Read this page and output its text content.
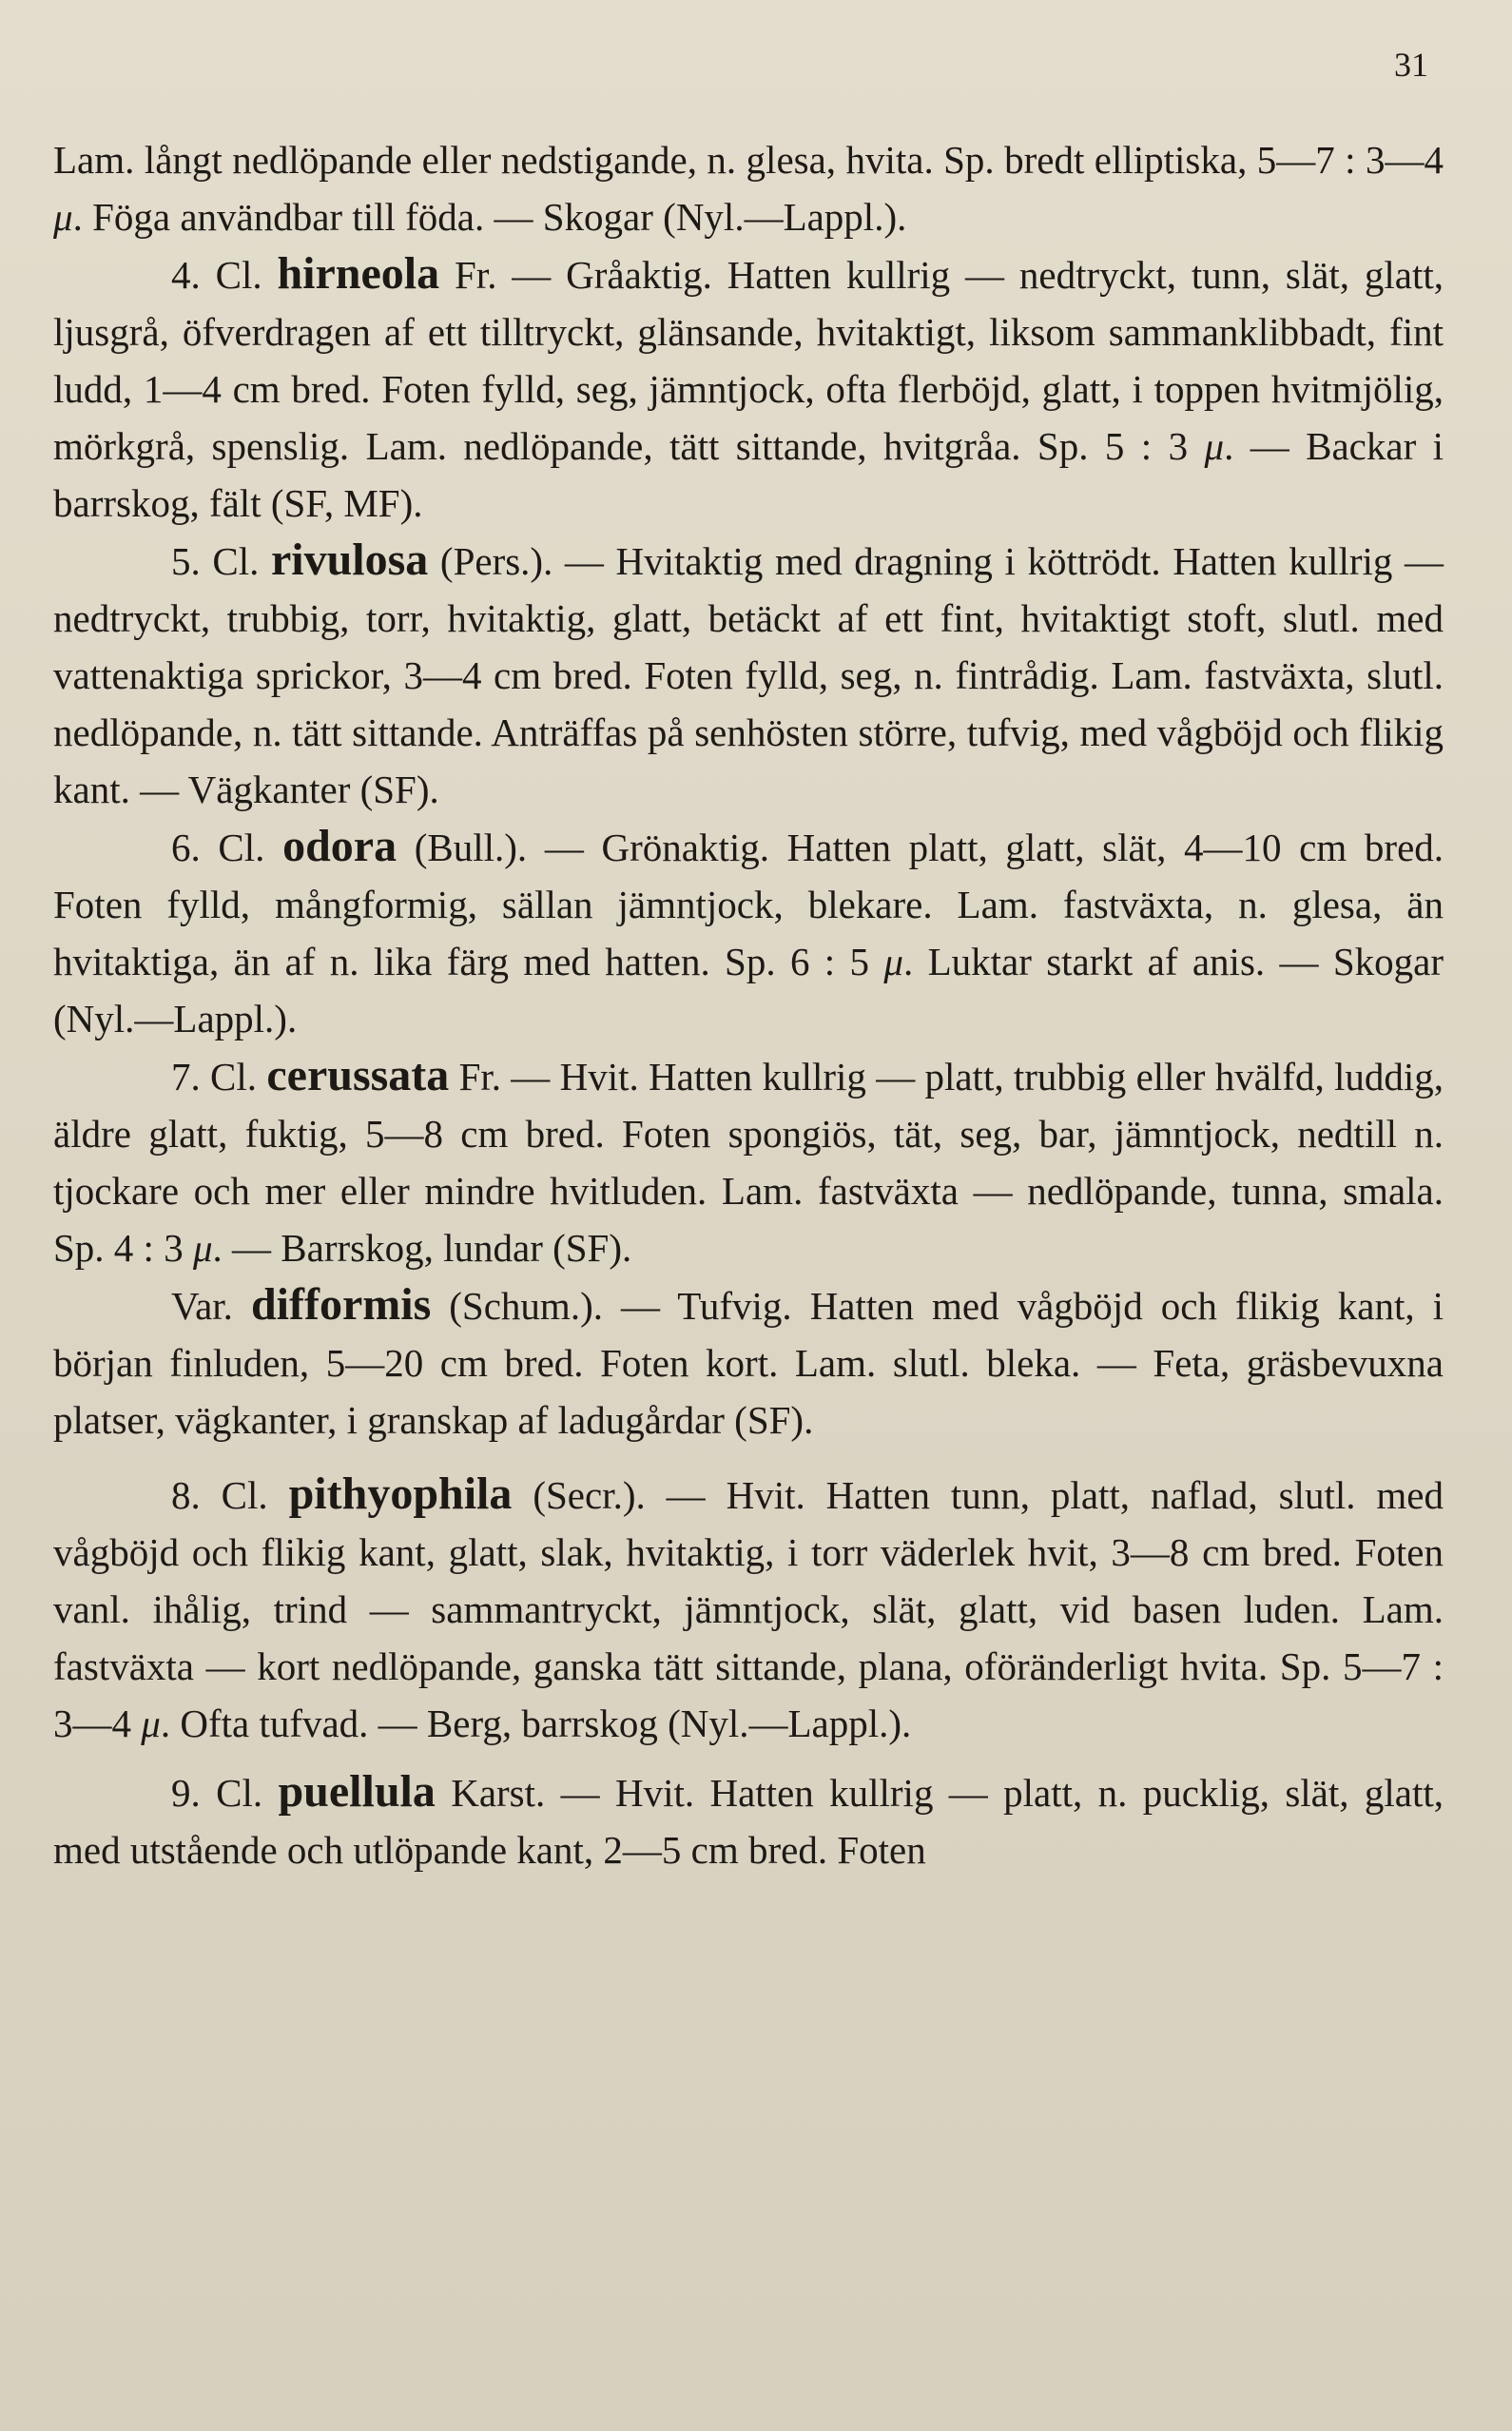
31

Lam. långt nedlöpande eller nedstigande, n. glesa, hvita. Sp. bredt elliptiska, 5—7 : 3—4 μ. Föga användbar till föda. — Skogar (Nyl.—Lappl.).

4. Cl. hirneola Fr. — Gråaktig. Hatten kullrig — nedtryckt, tunn, slät, glatt, ljusgrå, öfverdragen af ett tilltryckt, glänsande, hvitaktigt, liksom sammanklibbadt, fint ludd, 1—4 cm bred. Foten fylld, seg, jämntjock, ofta flerböjd, glatt, i toppen hvitmjölig, mörkgrå, spenslig. Lam. nedlöpande, tätt sittande, hvitgråa. Sp. 5 : 3 μ. — Backar i barrskog, fält (SF, MF).

5. Cl. rivulosa (Pers.). — Hvitaktig med dragning i köttrödt. Hatten kullrig — nedtryckt, trubbig, torr, hvitaktig, glatt, betäckt af ett fint, hvitaktigt stoft, slutl. med vattenaktiga sprickor, 3—4 cm bred. Foten fylld, seg, n. fintrådig. Lam. fastväxta, slutl. nedlöpande, n. tätt sittande. Anträffas på senhösten större, tufvig, med vågböjd och flikig kant. — Vägkanter (SF).

6. Cl. odora (Bull.). — Grönaktig. Hatten platt, glatt, slät, 4—10 cm bred. Foten fylld, mångformig, sällan jämntjock, blekare. Lam. fastväxta, n. glesa, än hvitaktiga, än af n. lika färg med hatten. Sp. 6 : 5 μ. Luktar starkt af anis. — Skogar (Nyl.—Lappl.).

7. Cl. cerussata Fr. — Hvit. Hatten kullrig — platt, trubbig eller hvälfd, luddig, äldre glatt, fuktig, 5—8 cm bred. Foten spongiös, tät, seg, bar, jämntjock, nedtill n. tjockare och mer eller mindre hvitluden. Lam. fastväxta — nedlöpande, tunna, smala. Sp. 4 : 3 μ. — Barrskog, lundar (SF).

Var. difformis (Schum.). — Tufvig. Hatten med vågböjd och flikig kant, i början finluden, 5—20 cm bred. Foten kort. Lam. slutl. bleka. — Feta, gräsbevuxna platser, vägkanter, i granskap af ladugårdar (SF).

8. Cl. pithyophila (Secr.). — Hvit. Hatten tunn, platt, naflad, slutl. med vågböjd och flikig kant, glatt, slak, hvitaktig, i torr väderlek hvit, 3—8 cm bred. Foten vanl. ihålig, trind — sammantryckt, jämntjock, slät, glatt, vid basen luden. Lam. fastväxta — kort nedlöpande, ganska tätt sittande, plana, oföränderligt hvita. Sp. 5—7 : 3—4 μ. Ofta tufvad. — Berg, barrskog (Nyl.—Lappl.).

9. Cl. puellula Karst. — Hvit. Hatten kullrig — platt, n. pucklig, slät, glatt, med utstående och utlöpande kant, 2—5 cm bred. Foten
